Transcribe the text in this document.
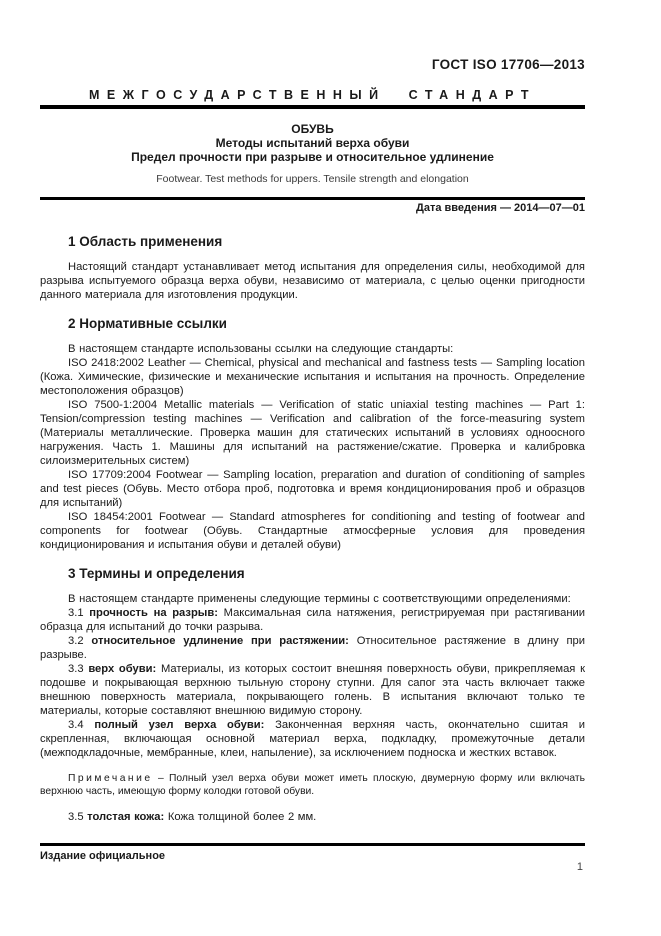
ГОСТ ISO 17706—2013
МЕЖГОСУДАРСТВЕННЫЙ СТАНДАРТ
ОБУВЬ
Методы испытаний верха обуви
Предел прочности при разрыве и относительное удлинение
Footwear. Test methods for uppers. Tensile strength and elongation
Дата введения — 2014—07—01
1 Область применения

Настоящий стандарт устанавливает метод испытания для определения силы, необходимой для разрыва испытуемого образца верха обуви, независимо от материала, с целью оценки пригодности данного материала для изготовления продукции.

2 Нормативные ссылки

В настоящем стандарте использованы ссылки на следующие стандарты:

ISO 2418:2002 Leather — Chemical, physical and mechanical and fastness tests — Sampling location (Кожа. Химические, физические и механические испытания и испытания на прочность. Определение местоположения образцов)

ISO 7500-1:2004 Metallic materials — Verification of static uniaxial testing machines — Part 1: Tension/compression testing machines — Verification and calibration of the force-measuring system (Материалы металлические. Проверка машин для статических испытаний в условиях одноосного нагружения. Часть 1. Машины для испытаний на растяжение/сжатие. Проверка и калибровка силоизмерительных систем)

ISO 17709:2004 Footwear — Sampling location, preparation and duration of conditioning of samples and test pieces (Обувь. Место отбора проб, подготовка и время кондиционирования проб и образцов для испытаний)

ISO 18454:2001 Footwear — Standard atmospheres for conditioning and testing of footwear and components for footwear (Обувь. Стандартные атмосферные условия для проведения кондиционирования и испытания обуви и деталей обуви)

3 Термины и определения

В настоящем стандарте применены следующие термины с соответствующими определениями:

3.1 прочность на разрыв: Максимальная сила натяжения, регистрируемая при растягивании образца для испытаний до точки разрыва.

3.2 относительное удлинение при растяжении: Относительное растяжение в длину при разрыве.

3.3 верх обуви: Материалы, из которых состоит внешняя поверхность обуви, прикрепляемая к подошве и покрывающая верхнюю тыльную сторону ступни. Для сапог эта часть включает также внешнюю поверхность материала, покрывающего голень. В испытания включают только те материалы, которые составляют внешнюю видимую сторону.

3.4 полный узел верха обуви: Законченная верхняя часть, окончательно сшитая и скрепленная, включающая основной материал верха, подкладку, промежуточные детали (межподкладочные, мембранные, клеи, напыление), за исключением подноска и жестких вставок.

Примечание – Полный узел верха обуви может иметь плоскую, двумерную форму или включать верхнюю часть, имеющую форму колодки готовой обуви.

3.5 толстая кожа: Кожа толщиной более 2 мм.

Издание официальное
1
